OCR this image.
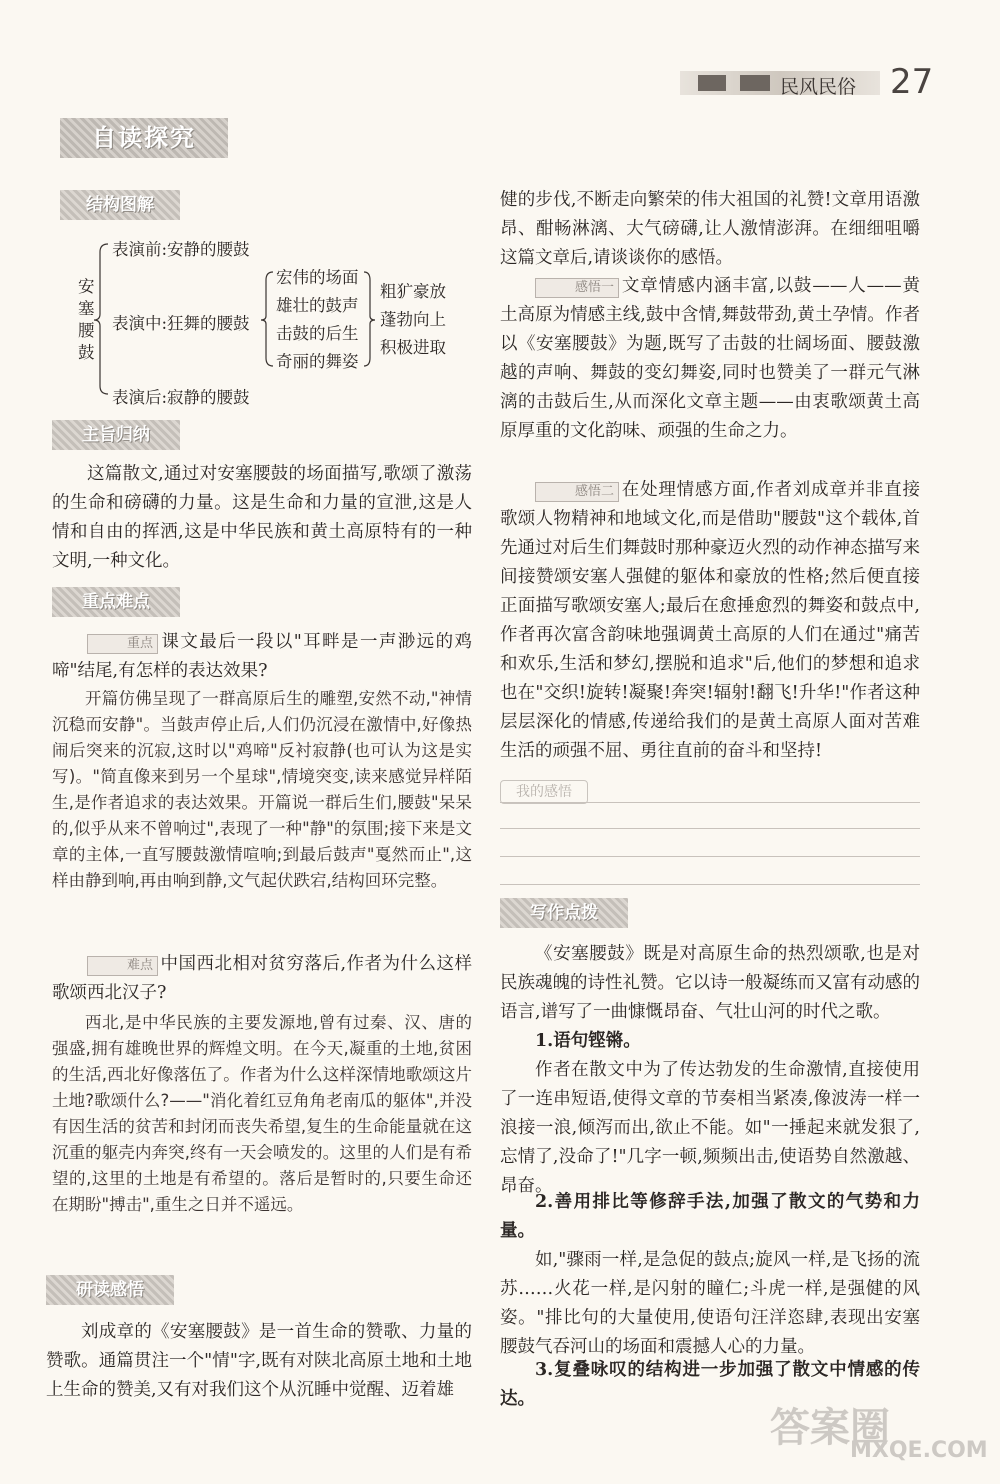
民风民俗 27
自读探究
结构图解
安塞腰鼓
表演前:安静的腰鼓
表演中:狂舞的腰鼓
表演后:寂静的腰鼓
宏伟的场面
雄壮的鼓声
击鼓的后生
奇丽的舞姿
粗犷豪放
蓬勃向上
积极进取
主旨归纳
这篇散文,通过对安塞腰鼓的场面描写,歌颂了激荡的生命和磅礴的力量。这是生命和力量的宣泄,这是人情和自由的挥洒,这是中华民族和黄土高原特有的一种文明,一种文化。
重点难点
重点 课文最后一段以"耳畔是一声渺远的鸡啼"结尾,有怎样的表达效果?
开篇仿佛呈现了一群高原后生的雕塑,安然不动,"神情沉稳而安静"。当鼓声停止后,人们仍沉浸在激情中,好像热闹后突来的沉寂,这时以"鸡啼"反衬寂静(也可认为这是实写)。"简直像来到另一个星球",情境突变,读来感觉异样陌生,是作者追求的表达效果。开篇说一群后生们,腰鼓"呆呆的,似乎从来不曾响过",表现了一种"静"的氛围;接下来是文章的主体,一直写腰鼓激情喧响;到最后鼓声"戛然而止",这样由静到响,再由响到静,文气起伏跌宕,结构回环完整。
难点 中国西北相对贫穷落后,作者为什么这样歌颂西北汉子?
西北,是中华民族的主要发源地,曾有过秦、汉、唐的强盛,拥有雄晚世界的辉煌文明。在今天,凝重的土地,贫困的生活,西北好像落伍了。作者为什么这样深情地歌颂这片土地?歌颂什么?——"消化着红豆角角老南瓜的躯体",并没有因生活的贫苦和封闭而丧失希望,复生的生命能量就在这沉重的躯壳内奔突,终有一天会喷发的。这里的人们是有希望的,这里的土地是有希望的。落后是暂时的,只要生命还在期盼"搏击",重生之日并不遥远。
研读感悟
刘成章的《安塞腰鼓》是一首生命的赞歌、力量的赞歌。通篇贯注一个"情"字,既有对陕北高原土地和土地上生命的赞美,又有对我们这个从沉睡中觉醒、迈着雄
健的步伐,不断走向繁荣的伟大祖国的礼赞!文章用语激昂、酣畅淋漓、大气磅礴,让人激情澎湃。在细细咀嚼这篇文章后,请谈谈你的感悟。
感悟一 文章情感内涵丰富,以鼓——人——黄土高原为情感主线,鼓中含情,舞鼓带劲,黄土孕情。作者以《安塞腰鼓》为题,既写了击鼓的壮阔场面、腰鼓激越的声响、舞鼓的变幻舞姿,同时也赞美了一群元气淋漓的击鼓后生,从而深化文章主题——由衷歌颂黄土高原厚重的文化韵味、顽强的生命之力。
感悟二 在处理情感方面,作者刘成章并非直接歌颂人物精神和地域文化,而是借助"腰鼓"这个载体,首先通过对后生们舞鼓时那种豪迈火烈的动作神态描写来间接赞颂安塞人强健的躯体和豪放的性格;然后便直接正面描写歌颂安塞人;最后在愈捶愈烈的舞姿和鼓点中,作者再次富含韵味地强调黄土高原的人们在通过"痛苦和欢乐,生活和梦幻,摆脱和追求"后,他们的梦想和追求也在"交织!旋转!凝聚!奔突!辐射!翻飞!升华!"作者这种层层深化的情感,传递给我们的是黄土高原人面对苦难生活的顽强不屈、勇往直前的奋斗和坚持!
我的感悟
写作点拨
《安塞腰鼓》既是对高原生命的热烈颂歌,也是对民族魂魄的诗性礼赞。它以诗一般凝练而又富有动感的语言,谱写了一曲慷慨昂奋、气壮山河的时代之歌。
1.语句铿锵。
作者在散文中为了传达勃发的生命激情,直接使用了一连串短语,使得文章的节奏相当紧凑,像波涛一样一浪接一浪,倾泻而出,欲止不能。如"一捶起来就发狠了,忘情了,没命了!"几字一顿,频频出击,使语势自然激越、昂奋。
2.善用排比等修辞手法,加强了散文的气势和力量。
如,"骤雨一样,是急促的鼓点;旋风一样,是飞扬的流苏……火花一样,是闪射的瞳仁;斗虎一样,是强健的风姿。"排比句的大量使用,使语句汪洋恣肆,表现出安塞腰鼓气吞河山的场面和震撼人心的力量。
3.复叠咏叹的结构进一步加强了散文中情感的传达。
答案圈
MXQE.COM
